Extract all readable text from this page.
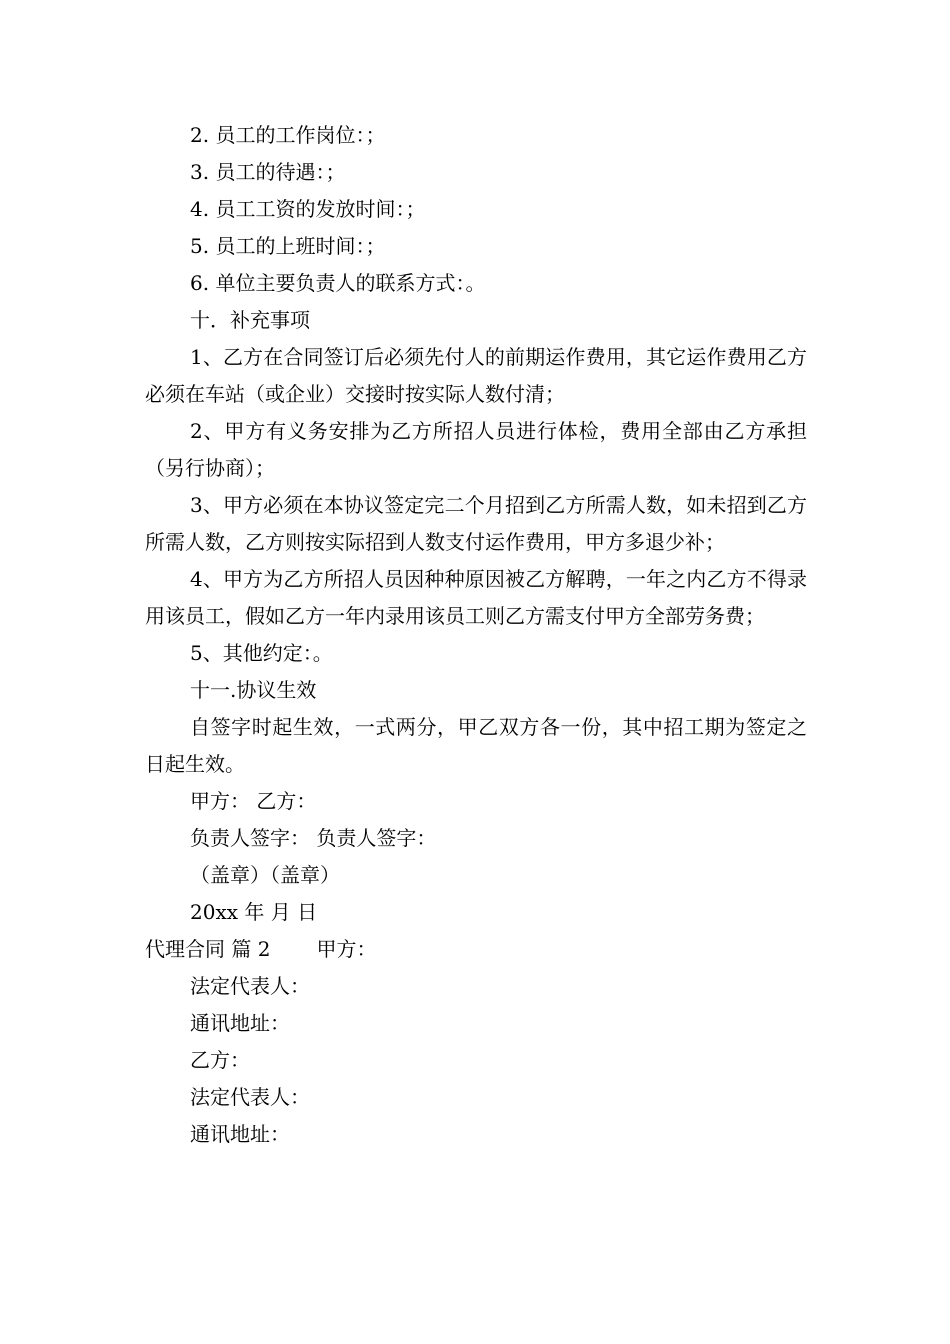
2. 员工的工作岗位：；

3. 员工的待遇：；

4. 员工工资的发放时间：；

5. 员工的上班时间：；

6. 单位主要负责人的联系方式：。

十．补充事项

1、乙方在合同签订后必须先付人的前期运作费用，其它运作费用乙方必须在车站（或企业）交接时按实际人数付清；

2、甲方有义务安排为乙方所招人员进行体检，费用全部由乙方承担（另行协商）；

3、甲方必须在本协议签定完二个月招到乙方所需人数，如未招到乙方所需人数，乙方则按实际招到人数支付运作费用，甲方多退少补；

4、甲方为乙方所招人员因种种原因被乙方解聘，一年之内乙方不得录用该员工，假如乙方一年内录用该员工则乙方需支付甲方全部劳务费；

5、其他约定：。

十一.协议生效

自签字时起生效，一式两分，甲乙双方各一份，其中招工期为签定之日起生效。

甲方： 乙方：

负责人签字： 负责人签字：

（盖章）（盖章）

20xx 年 月 日

代理合同 篇 2 甲方：

法定代表人：

通讯地址：

乙方：

法定代表人：

通讯地址：
